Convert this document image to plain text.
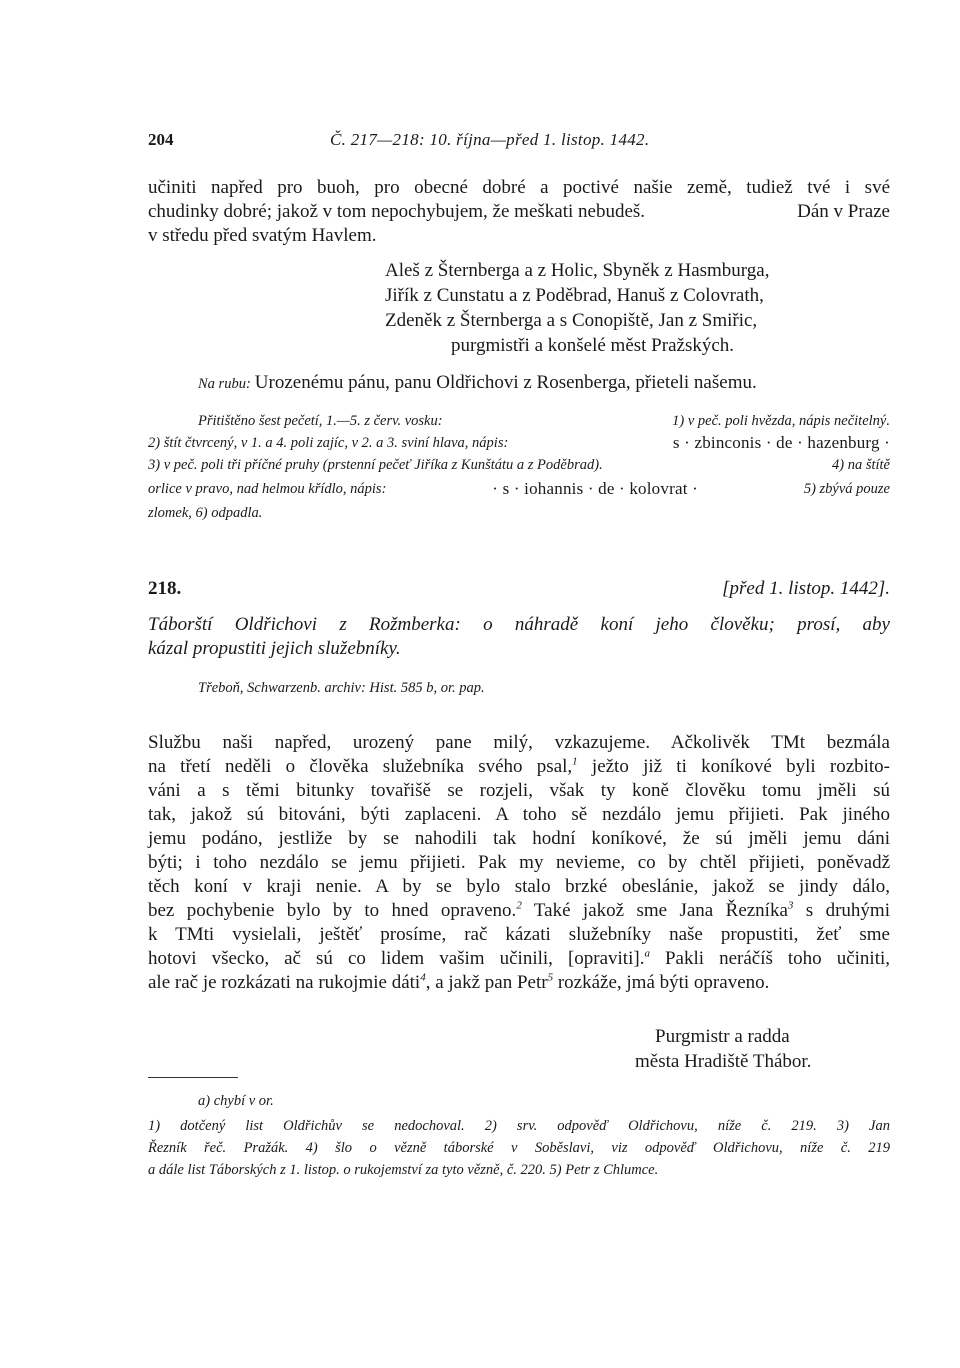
204	Č. 217—218: 10. října—před 1. listop. 1442.
učiniti napřed pro buoh, pro obecné dobré a poctivé našie země, tudiež tvé i své
chudinky dobré; jakož v tom nepochybujem, že meškati nebudeš.	Dán v Praze
v středu před svatým Havlem.
Aleš z Šternberga a z Holic, Sbyněk z Hasmburga,
Jiřík z Cunstatu a z Poděbrad, Hanuš z Colovrath,
Zdeněk z Šternberga a s Conopiště, Jan z Smiřic,
purgmistři a konšelé měst Pražských.
Na rubu: Urozenému pánu, panu Oldřichovi z Rosenberga, přieteli našemu.
Přitištěno šest pečetí, 1.—5. z červ. vosku:	1) v peč. poli hvězda, nápis nečitelný.
2) štít čtvrcený, v 1. a 4. poli zajíc, v 2. a 3. sviní hlava, nápis:	s · zbinconis · de · hazenburg ·
3) v peč. poli tři příčné pruhy (prstenní pečeť Jiříka z Kunštátu a z Poděbrad).	4) na štítě
orlice v pravo, nad helmou křídlo, nápis:	· s · iohannis · de · kolovrat ·	5) zbývá pouze
zlomek, 6) odpadla.
218.	[před 1. listop. 1442].
Táborští Oldřichovi z Rožmberka: o náhradě koní jeho člověku; prosí, aby
kázal propustiti jejich služebníky.
Třeboň, Schwarzenb. archiv: Hist. 585 b, or. pap.
Službu naši napřed, urozený pane milý, vzkazujeme. Ačkolivěk TMt bezmála
na třetí neděli o člověka služebníka svého psal,$^1$ ježto již ti koníkové byli rozbito-
váni a s těmi bitunky tovařišě se rozjeli, však ty koně člověku tomu jměli sú
tak, jakož sú bitováni, býti zaplaceni. A toho sě nezdálo jemu přijieti. Pak jiného
jemu podáno, jestliže by se nahodili tak hodní koníkové, že sú jměli jemu dáni
býti; i toho nezdálo se jemu přijieti. Pak my nevieme, co by chtěl přijieti, poněvadž
těch koní v kraji nenie. A by se bylo stalo brzké obeslánie, jakož se jindy dálo,
bez pochybenie bylo by to hned opraveno.$^2$ Také jakož sme Jana Řezníka$^3$ s druhými
k TMti vysielali, ještěť prosíme, rač kázati služebníky naše propustiti, žeť sme
hotovi všecko, ač sú co lidem vašim učinili, [opraviti].$^a$ Pakli neráčíš toho učiniti,
ale rač je rozkázati na rukojmie dáti$^4$, a jakž pan Petr$^5$ rozkáže, jmá býti opraveno.
Purgmistr a radda
města Hradiště Thábor.
a) chybí v or.
1) dotčený list Oldřichův se nedochoval. 2) srv. odpověď Oldřichovu, níže č. 219. 3) Jan
Řezník řeč. Pražák. 4) šlo o vězně táborské v Soběslavi, viz odpověď Oldřichovu, níže č. 219
a dále list Táborských z 1. listop. o rukojemství za tyto vězně, č. 220. 5) Petr z Chlumce.
